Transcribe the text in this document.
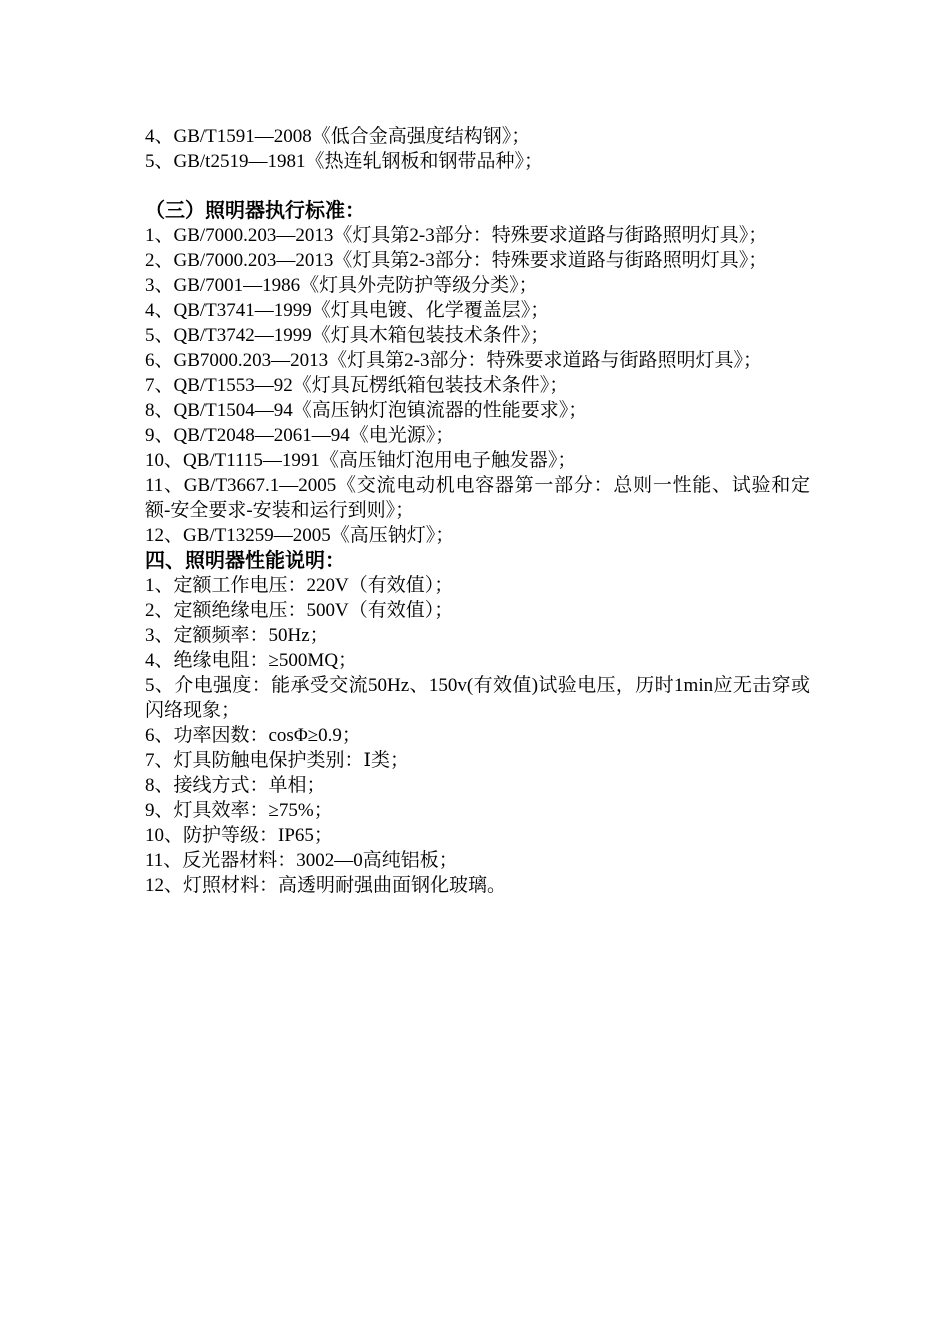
4、GB/T1591—2008《低合金高强度结构钢》；
5、GB/t2519—1981《热连轧钢板和钢带品种》；
（三）照明器执行标准：
1、GB/7000.203—2013《灯具第2-3部分：特殊要求道路与街路照明灯具》；
2、GB/7000.203—2013《灯具第2-3部分：特殊要求道路与街路照明灯具》；
3、GB/7001—1986《灯具外壳防护等级分类》；
4、QB/T3741—1999《灯具电镀、化学覆盖层》；
5、QB/T3742—1999《灯具木箱包装技术条件》；
6、GB7000.203—2013《灯具第2-3部分：特殊要求道路与街路照明灯具》；
7、QB/T1553—92《灯具瓦楞纸箱包装技术条件》；
8、QB/T1504—94《高压钠灯泡镇流器的性能要求》；
9、QB/T2048—2061—94《电光源》；
10、QB/T1115—1991《高压铀灯泡用电子触发器》；
11、GB/T3667.1—2005《交流电动机电容器第一部分：总则一性能、试验和定额-安全要求-安装和运行到则》；
12、GB/T13259—2005《高压钠灯》；
四、照明器性能说明：
1、定额工作电压：220V（有效值）；
2、定额绝缘电压：500V（有效值）；
3、定额频率：50Hz；
4、绝缘电阻：≥500MQ；
5、介电强度：能承受交流50Hz、150v(有效值)试验电压，历时1min应无击穿或闪络现象；
6、功率因数：cosΦ≥0.9；
7、灯具防触电保护类别：Ⅰ类；
8、接线方式：单相；
9、灯具效率：≥75%；
10、防护等级：IP65；
11、反光器材料：3002—0高纯铝板；
12、灯照材料：高透明耐强曲面钢化玻璃。
